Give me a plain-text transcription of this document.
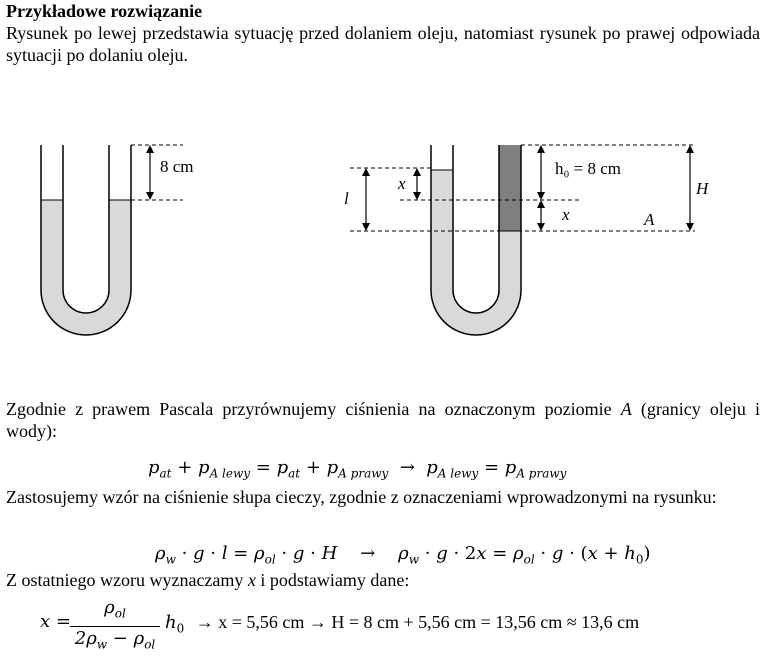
Przykładowe rozwiązanie
Rysunek po lewej przedstawia sytuację przed dolaniem oleju, natomiast rysunek po prawej odpowiada sytuacji po dolaniu oleju.
8 cm
l
x
h₀ = 8 cm
x
H
A
Zgodnie z prawem Pascala przyrównujemy ciśnienia na oznaczonym poziomie A (granicy oleju i wody):
$p_{at} + p_{A lewy} = p_{at} + p_{A prawy} \to p_{A lewy} = p_{A prawy}$
Zastosujemy wzór na ciśnienie słupa cieczy, zgodnie z oznaczeniami wprowadzonymi na rysunku:
$\rho_w \cdot g \cdot l = \rho_{ol} \cdot g \cdot H$    →    $\rho_w \cdot g \cdot 2x = \rho_{ol} \cdot g \cdot (x + h_0)$
Z ostatniego wzoru wyznaczamy x i podstawiamy dane:
x =
$\rho_{ol}$
$2\rho_w - \rho_{ol}$
$h_0 \to x = 5,56$ cm → H = 8 cm + 5,56 cm = 13,56 cm ≈ 13,6 cm
